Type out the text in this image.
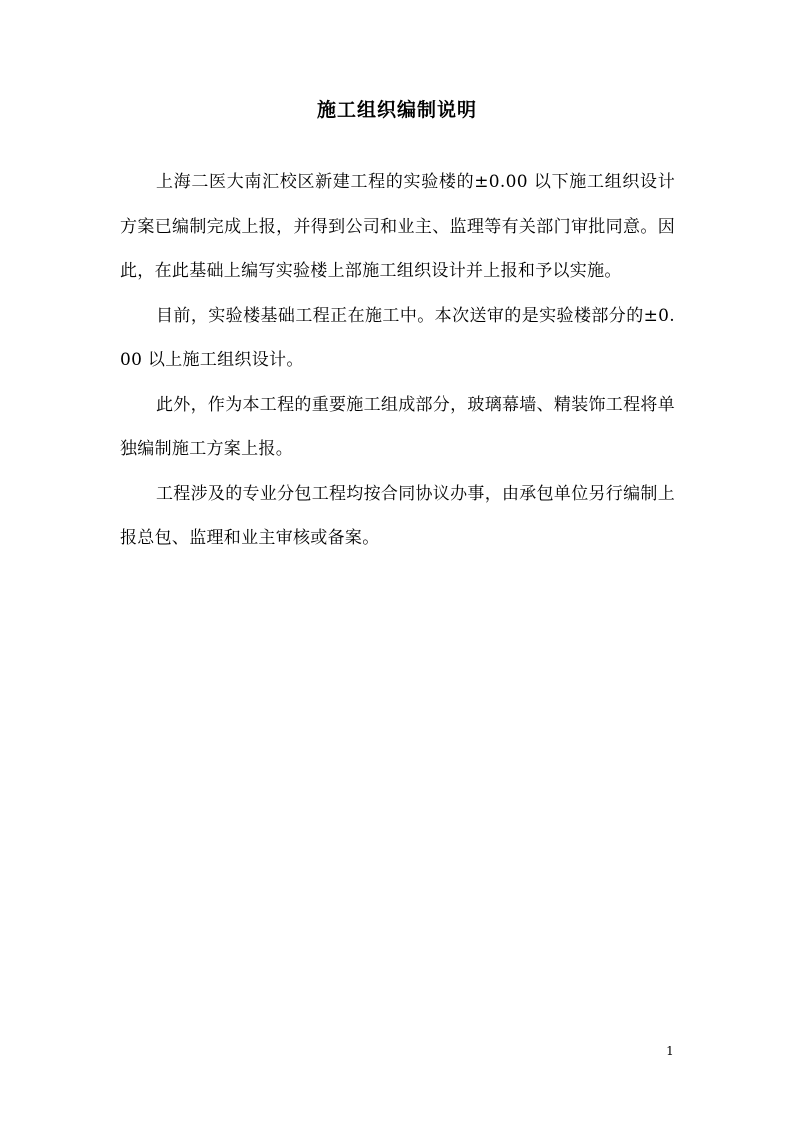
施工组织编制说明

上海二医大南汇校区新建工程的实验楼的±0.00 以下施工组织设计方案已编制完成上报，并得到公司和业主、监理等有关部门审批同意。因此，在此基础上编写实验楼上部施工组织设计并上报和予以实施。

目前，实验楼基础工程正在施工中。本次送审的是实验楼部分的±0.00 以上施工组织设计。

此外，作为本工程的重要施工组成部分，玻璃幕墙、精装饰工程将单独编制施工方案上报。

工程涉及的专业分包工程均按合同协议办事，由承包单位另行编制上报总包、监理和业主审核或备案。

1
